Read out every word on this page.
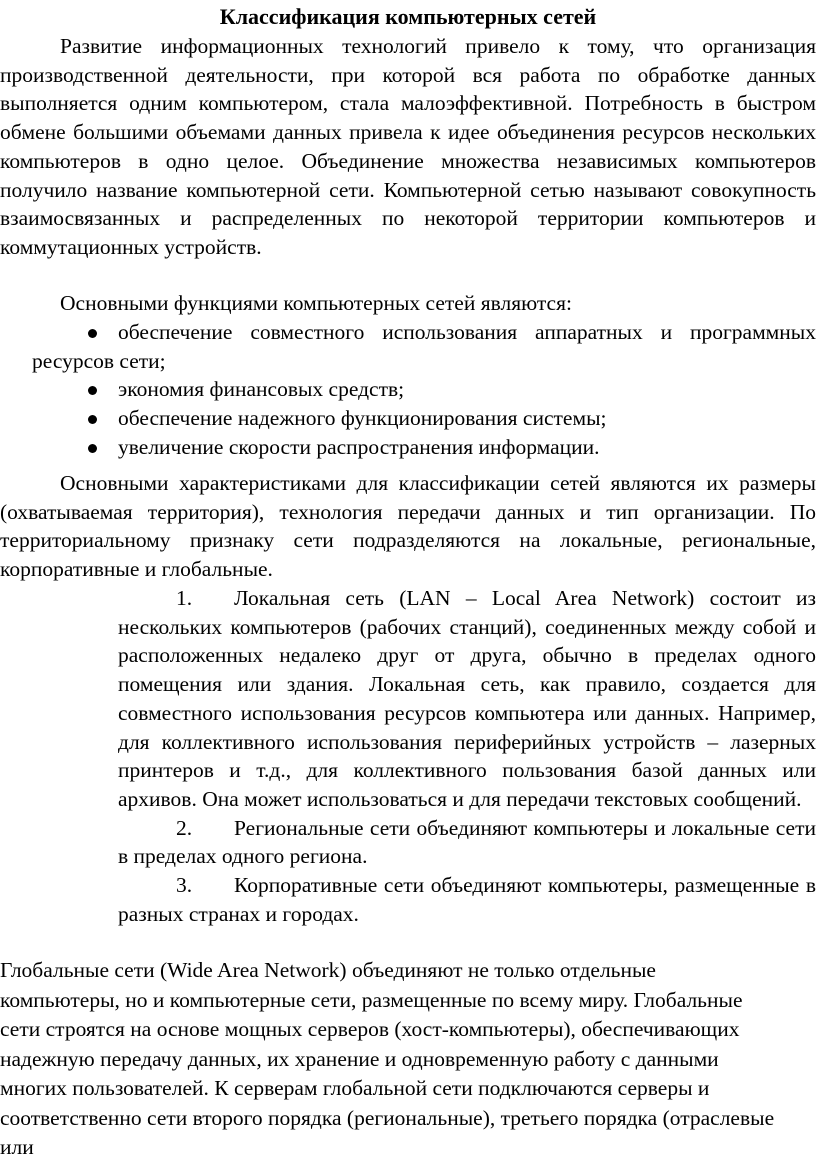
Классификация компьютерных сетей
Развитие информационных технологий привело к тому, что организация производственной деятельности, при которой вся работа по обработке данных выполняется одним компьютером, стала малоэффективной. Потребность в быстром обмене большими объемами данных привела к идее объединения ресурсов нескольких компьютеров в одно целое. Объединение множества независимых компьютеров получило название компьютерной сети. Компьютерной сетью называют совокупность взаимосвязанных и распределенных по некоторой территории компьютеров и коммутационных устройств.
Основными функциями компьютерных сетей являются:
обеспечение совместного использования аппаратных и программных ресурсов сети;
экономия финансовых средств;
обеспечение надежного функционирования системы;
увеличение скорости распространения информации.
Основными характеристиками для классификации сетей являются их размеры (охватываемая территория), технология передачи данных и тип организации. По территориальному признаку сети подразделяются на локальные, региональные, корпоративные и глобальные.
1. Локальная сеть (LAN – Local Area Network) состоит из нескольких компьютеров (рабочих станций), соединенных между собой и расположенных недалеко друг от друга, обычно в пределах одного помещения или здания. Локальная сеть, как правило, создается для совместного использования ресурсов компьютера или данных. Например, для коллективного использования периферийных устройств – лазерных принтеров и т.д., для коллективного пользования базой данных или архивов. Она может использоваться и для передачи текстовых сообщений.
2. Региональные сети объединяют компьютеры и локальные сети в пределах одного региона.
3. Корпоративные сети объединяют компьютеры, размещенные в разных странах и городах.
Глобальные сети (Wide Area Network) объединяют не только отдельные компьютеры, но и компьютерные сети, размещенные по всему миру. Глобальные сети строятся на основе мощных серверов (хост-компьютеры), обеспечивающих надежную передачу данных, их хранение и одновременную работу с данными многих пользователей. К серверам глобальной сети подключаются серверы и соответственно сети второго порядка (региональные), третьего порядка (отраслевые или
